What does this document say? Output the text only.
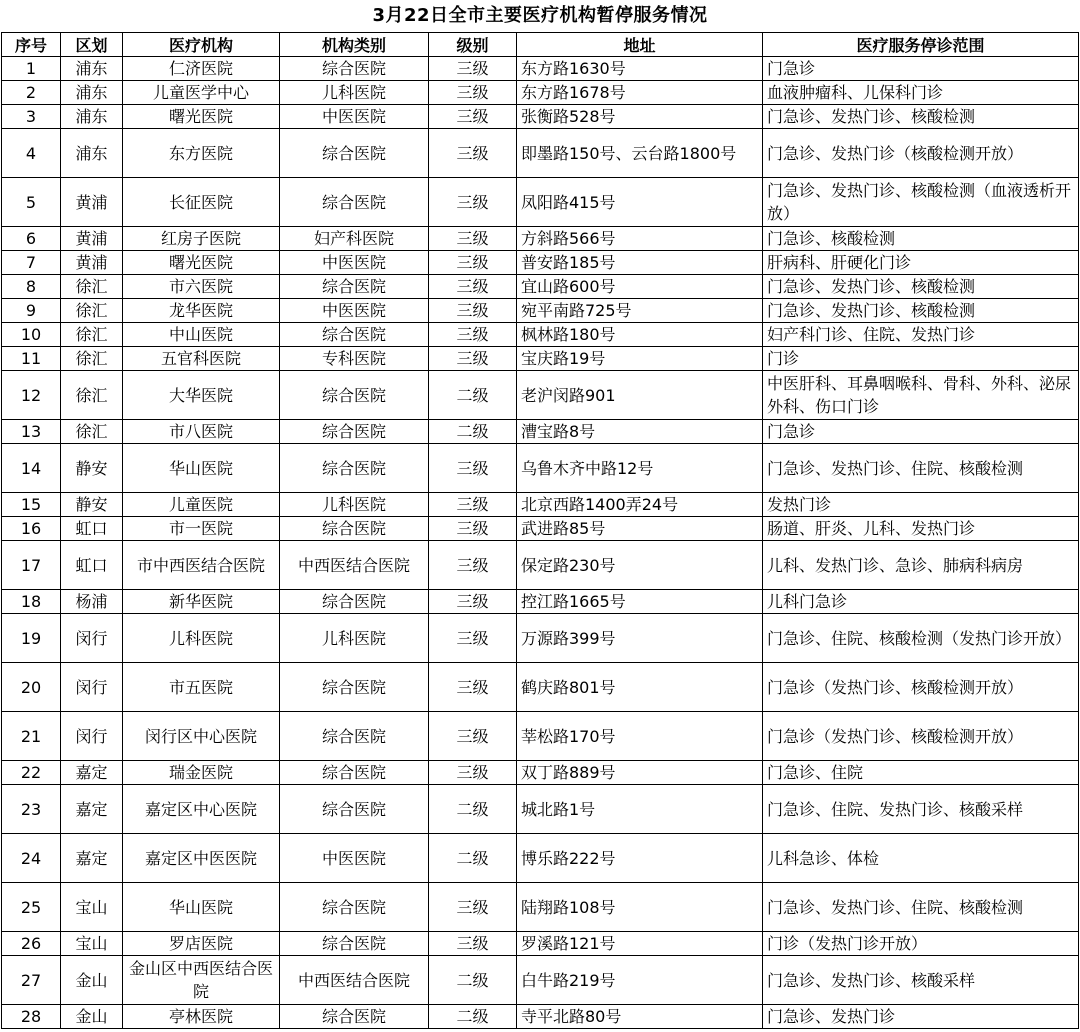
3月22日全市主要医疗机构暂停服务情况
序号	区划	医疗机构	机构类别	级别	地址	医疗服务停诊范围
1	浦东	仁济医院	综合医院	三级	东方路1630号	门急诊
2	浦东	儿童医学中心	儿科医院	三级	东方路1678号	血液肿瘤科、儿保科门诊
3	浦东	曙光医院	中医医院	三级	张衡路528号	门急诊、发热门诊、核酸检测
4	浦东	东方医院	综合医院	三级	即墨路150号、云台路1800号	门急诊、发热门诊（核酸检测开放）
5	黄浦	长征医院	综合医院	三级	凤阳路415号	门急诊、发热门诊、核酸检测（血液透析开放）
6	黄浦	红房子医院	妇产科医院	三级	方斜路566号	门急诊、核酸检测
7	黄浦	曙光医院	中医医院	三级	普安路185号	肝病科、肝硬化门诊
8	徐汇	市六医院	综合医院	三级	宜山路600号	门急诊、发热门诊、核酸检测
9	徐汇	龙华医院	中医医院	三级	宛平南路725号	门急诊、发热门诊、核酸检测
10	徐汇	中山医院	综合医院	三级	枫林路180号	妇产科门诊、住院、发热门诊
11	徐汇	五官科医院	专科医院	三级	宝庆路19号	门诊
12	徐汇	大华医院	综合医院	二级	老沪闵路901	中医肝科、耳鼻咽喉科、骨科、外科、泌尿外科、伤口门诊
13	徐汇	市八医院	综合医院	二级	漕宝路8号	门急诊
14	静安	华山医院	综合医院	三级	乌鲁木齐中路12号	门急诊、发热门诊、住院、核酸检测
15	静安	儿童医院	儿科医院	三级	北京西路1400弄24号	发热门诊
16	虹口	市一医院	综合医院	三级	武进路85号	肠道、肝炎、儿科、发热门诊
17	虹口	市中西医结合医院	中西医结合医院	三级	保定路230号	儿科、发热门诊、急诊、肺病科病房
18	杨浦	新华医院	综合医院	三级	控江路1665号	儿科门急诊
19	闵行	儿科医院	儿科医院	三级	万源路399号	门急诊、住院、核酸检测（发热门诊开放）
20	闵行	市五医院	综合医院	三级	鹤庆路801号	门急诊（发热门诊、核酸检测开放）
21	闵行	闵行区中心医院	综合医院	三级	莘松路170号	门急诊（发热门诊、核酸检测开放）
22	嘉定	瑞金医院	综合医院	三级	双丁路889号	门急诊、住院
23	嘉定	嘉定区中心医院	综合医院	二级	城北路1号	门急诊、住院、发热门诊、核酸采样
24	嘉定	嘉定区中医医院	中医医院	二级	博乐路222号	儿科急诊、体检
25	宝山	华山医院	综合医院	三级	陆翔路108号	门急诊、发热门诊、住院、核酸检测
26	宝山	罗店医院	综合医院	三级	罗溪路121号	门诊（发热门诊开放）
27	金山	金山区中西医结合医院	中西医结合医院	二级	白牛路219号	门急诊、发热门诊、核酸采样
28	金山	亭林医院	综合医院	二级	寺平北路80号	门急诊、发热门诊
